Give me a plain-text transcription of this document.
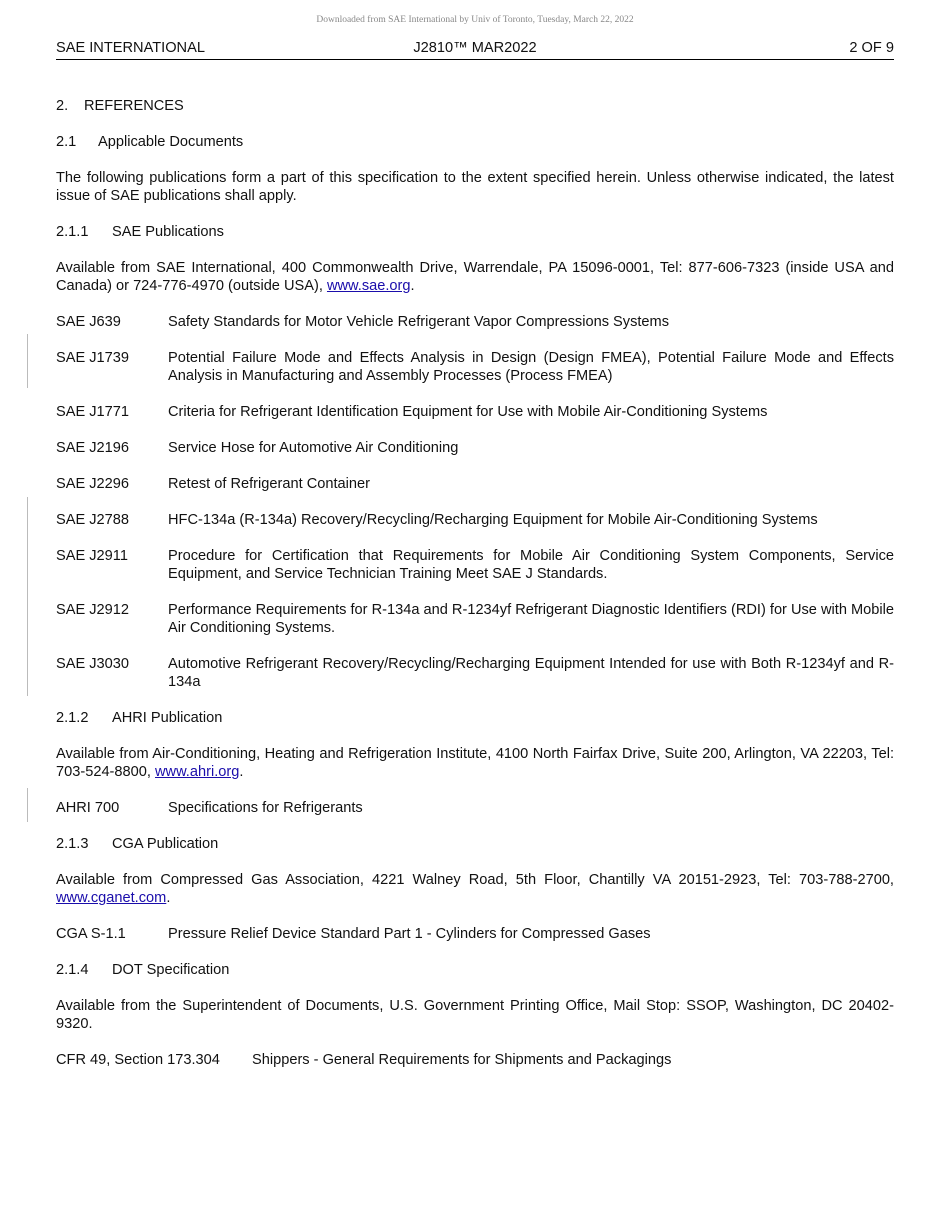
Downloaded from SAE International by Univ of Toronto, Tuesday, March 22, 2022
SAE INTERNATIONAL	J2810™ MAR2022	2 OF 9
2.	REFERENCES
2.1	Applicable Documents
The following publications form a part of this specification to the extent specified herein. Unless otherwise indicated, the latest issue of SAE publications shall apply.
2.1.1	SAE Publications
Available from SAE International, 400 Commonwealth Drive, Warrendale, PA 15096-0001, Tel: 877-606-7323 (inside USA and Canada) or 724-776-4970 (outside USA), www.sae.org.
SAE J639	Safety Standards for Motor Vehicle Refrigerant Vapor Compressions Systems
SAE J1739	Potential Failure Mode and Effects Analysis in Design (Design FMEA), Potential Failure Mode and Effects Analysis in Manufacturing and Assembly Processes (Process FMEA)
SAE J1771	Criteria for Refrigerant Identification Equipment for Use with Mobile Air-Conditioning Systems
SAE J2196	Service Hose for Automotive Air Conditioning
SAE J2296	Retest of Refrigerant Container
SAE J2788	HFC-134a (R-134a) Recovery/Recycling/Recharging Equipment for Mobile Air-Conditioning Systems
SAE J2911	Procedure for Certification that Requirements for Mobile Air Conditioning System Components, Service Equipment, and Service Technician Training Meet SAE J Standards.
SAE J2912	Performance Requirements for R-134a and R-1234yf Refrigerant Diagnostic Identifiers (RDI) for Use with Mobile Air Conditioning Systems.
SAE J3030	Automotive Refrigerant Recovery/Recycling/Recharging Equipment Intended for use with Both R-1234yf and R-134a
2.1.2	AHRI Publication
Available from Air-Conditioning, Heating and Refrigeration Institute, 4100 North Fairfax Drive, Suite 200, Arlington, VA 22203, Tel: 703-524-8800, www.ahri.org.
AHRI 700	Specifications for Refrigerants
2.1.3	CGA Publication
Available from Compressed Gas Association, 4221 Walney Road, 5th Floor, Chantilly VA 20151-2923, Tel: 703-788-2700, www.cganet.com.
CGA S-1.1	Pressure Relief Device Standard Part 1 - Cylinders for Compressed Gases
2.1.4	DOT Specification
Available from the Superintendent of Documents, U.S. Government Printing Office, Mail Stop: SSOP, Washington, DC 20402-9320.
CFR 49, Section 173.304	Shippers - General Requirements for Shipments and Packagings
